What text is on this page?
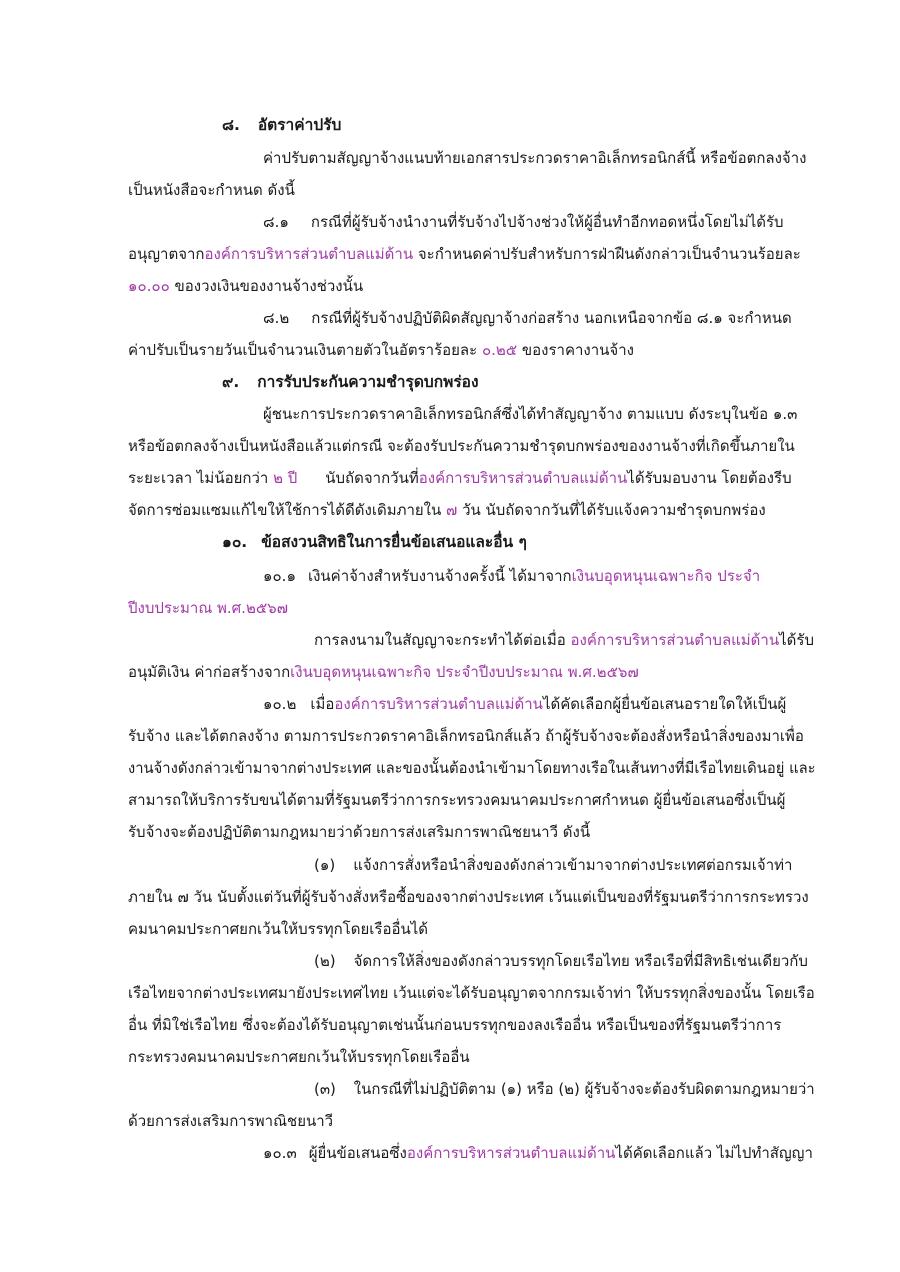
๘. อัตราค่าปรับ
ค่าปรับตามสัญญาจ้างแนบท้ายเอกสารประกวดราคาอิเล็กทรอนิกส์นี้ หรือข้อตกลงจ้าง
เป็นหนังสือจะกำหนด ดังนี้
๘.๑ กรณีที่ผู้รับจ้างนำงานที่รับจ้างไปจ้างช่วงให้ผู้อื่นทำอีกทอดหนึ่งโดยไม่ได้รับ
อนุญาตจากองค์การบริหารส่วนตำบลแม่ด้าน จะกำหนดค่าปรับสำหรับการฝ่าฝืนดังกล่าวเป็นจำนวนร้อยละ
๑๐.๐๐ ของวงเงินของงานจ้างช่วงนั้น
๘.๒ กรณีที่ผู้รับจ้างปฏิบัติผิดสัญญาจ้างก่อสร้าง นอกเหนือจากข้อ ๘.๑ จะกำหนด
ค่าปรับเป็นรายวันเป็นจำนวนเงินตายตัวในอัตราร้อยละ ๐.๒๕ ของราคางานจ้าง
๙. การรับประกันความชำรุดบกพร่อง
ผู้ชนะการประกวดราคาอิเล็กทรอนิกส์ซึ่งได้ทำสัญญาจ้าง ตามแบบ ดังระบุในข้อ ๑.๓
หรือข้อตกลงจ้างเป็นหนังสือแล้วแต่กรณี จะต้องรับประกันความชำรุดบกพร่องของงานจ้างที่เกิดขึ้นภายใน
ระยะเวลา ไม่น้อยกว่า ๒ ปี นับถัดจากวันที่องค์การบริหารส่วนตำบลแม่ด้านได้รับมอบงาน โดยต้องรีบ
จัดการซ่อมแซมแก้ไขให้ใช้การได้ดีดังเดิมภายใน ๗ วัน นับถัดจากวันที่ได้รับแจ้งความชำรุดบกพร่อง
๑๐. ข้อสงวนสิทธิในการยื่นข้อเสนอและอื่น ๆ
๑๐.๑ เงินค่าจ้างสำหรับงานจ้างครั้งนี้ ได้มาจากเงินบอุดหนุนเฉพาะกิจ ประจำ
ปีงบประมาณ พ.ศ.๒๕๖๗
การลงนามในสัญญาจะกระทำได้ต่อเมื่อ องค์การบริหารส่วนตำบลแม่ด้านได้รับ
อนุมัติเงิน ค่าก่อสร้างจากเงินบอุดหนุนเฉพาะกิจ ประจำปีงบประมาณ พ.ศ.๒๕๖๗
๑๐.๒ เมื่อองค์การบริหารส่วนตำบลแม่ด้านได้คัดเลือกผู้ยื่นข้อเสนอรายใดให้เป็นผู้
รับจ้าง และได้ตกลงจ้าง ตามการประกวดราคาอิเล็กทรอนิกส์แล้ว ถ้าผู้รับจ้างจะต้องสั่งหรือนำสิ่งของมาเพื่อ
งานจ้างดังกล่าวเข้ามาจากต่างประเทศ และของนั้นต้องนำเข้ามาโดยทางเรือในเส้นทางที่มีเรือไทยเดินอยู่ และ
สามารถให้บริการรับขนได้ตามที่รัฐมนตรีว่าการกระทรวงคมนาคมประกาศกำหนด ผู้ยื่นข้อเสนอซึ่งเป็นผู้
รับจ้างจะต้องปฏิบัติตามกฎหมายว่าด้วยการส่งเสริมการพาณิชยนาวี ดังนี้
(๑) แจ้งการสั่งหรือนำสิ่งของดังกล่าวเข้ามาจากต่างประเทศต่อกรมเจ้าท่า
ภายใน ๗ วัน นับตั้งแต่วันที่ผู้รับจ้างสั่งหรือซื้อของจากต่างประเทศ เว้นแต่เป็นของที่รัฐมนตรีว่าการกระทรวง
คมนาคมประกาศยกเว้นให้บรรทุกโดยเรืออื่นได้
(๒) จัดการให้สิ่งของดังกล่าวบรรทุกโดยเรือไทย หรือเรือที่มีสิทธิเช่นเดียวกับ
เรือไทยจากต่างประเทศมายังประเทศไทย เว้นแต่จะได้รับอนุญาตจากกรมเจ้าท่า ให้บรรทุกสิ่งของนั้น โดยเรือ
อื่น ที่มิใช่เรือไทย ซึ่งจะต้องได้รับอนุญาตเช่นนั้นก่อนบรรทุกของลงเรืออื่น หรือเป็นของที่รัฐมนตรีว่าการ
กระทรวงคมนาคมประกาศยกเว้นให้บรรทุกโดยเรืออื่น
(๓) ในกรณีที่ไม่ปฏิบัติตาม (๑) หรือ (๒) ผู้รับจ้างจะต้องรับผิดตามกฎหมายว่า
ด้วยการส่งเสริมการพาณิชยนาวี
๑๐.๓ ผู้ยื่นข้อเสนอซึ่งองค์การบริหารส่วนตำบลแม่ด้านได้คัดเลือกแล้ว ไม่ไปทำสัญญา
